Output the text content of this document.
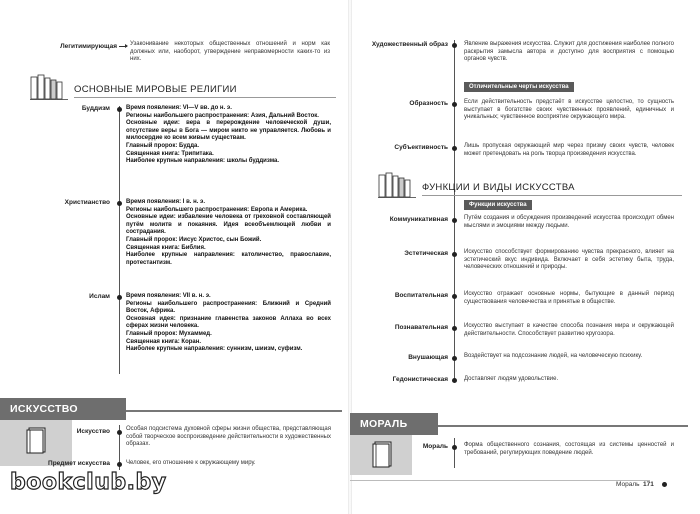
Легитимирующая Узаконивание некоторых общественных отношений и норм как должных или, наоборот, утверждение неправомерности каких-то из них.
ОСНОВНЫЕ МИРОВЫЕ РЕЛИГИИ
Буддизм	Время появления: VI—V вв. до н. э.
Регионы наибольшего распространения: Азия, Дальний Восток.
Основные идеи: вера в перерождение человеческой души, отсутствие веры в Бога — миром никто не управляется. Любовь и милосердие ко всем живым существам.
Главный пророк: Будда.
Священная книга: Трипитака.
Наиболее крупные направления: школы буддизма.
Христианство	Время появления: I в. н. э.
Регионы наибольшего распространения: Европа и Америка.
Основные идеи: избавление человека от греховной составляющей путём молитв и покаяния. Идея всеобъемлющей любви и сострадания.
Главный пророк: Иисус Христос, сын Божий.
Священная книга: Библия.
Наиболее крупные направления: католичество, православие, протестантизм.
Ислам	Время появления: VII в. н. э.
Регионы наибольшего распространения: Ближний и Средний Восток, Африка.
Основная идея: признание главенства законов Аллаха во всех сферах жизни человека.
Главный пророк: Мухаммед.
Священная книга: Коран.
Наиболее крупные направления: суннизм, шиизм, суфизм.
ИСКУССТВО
Искусство	Особая подсистема духовной сферы жизни общества, представляющая собой творческое воспроизведение действительности в художественных образах.
Предмет искусства	Человек, его отношение к окружающему миру.
Художественный образ	Явление выражения искусства. Служит для достижения наиболее полного раскрытия замысла автора и доступно для восприятия с помощью органов чувств.
Отличительные черты искусства
Образность	Если действительность предстаёт в искусстве целостно, то сущность выступает в богатстве своих чувственных проявлений, единичных и уникальных; чувственное восприятие окружающего мира.
Субъективность	Лишь пропуская окружающий мир через призму своих чувств, человек может претендовать на роль творца произведения искусства.
ФУНКЦИИ И ВИДЫ ИСКУССТВА
Функции искусства
Коммуникативная	Путём создания и обсуждения произведений искусства происходит обмен мыслями и эмоциями между людьми.
Эстетическая	Искусство способствует формированию чувства прекрасного, влияет на эстетический вкус индивида. Включает в себя эстетику быта, труда, человеческих отношений и природы.
Воспитательная	Искусство отражает основные нормы, бытующие в данный период существования человечества и принятые в обществе.
Познавательная	Искусство выступает в качестве способа познания мира и окружающей действительности. Способствует развитию кругозора.
Внушающая	Воздействует на подсознание людей, на человеческую психику.
Гедонистическая	Доставляет людям удовольствие.
МОРАЛЬ
Мораль	Форма общественного сознания, состоящая из системы ценностей и требований, регулирующих поведение людей.
Мораль 171
bookclub.by
